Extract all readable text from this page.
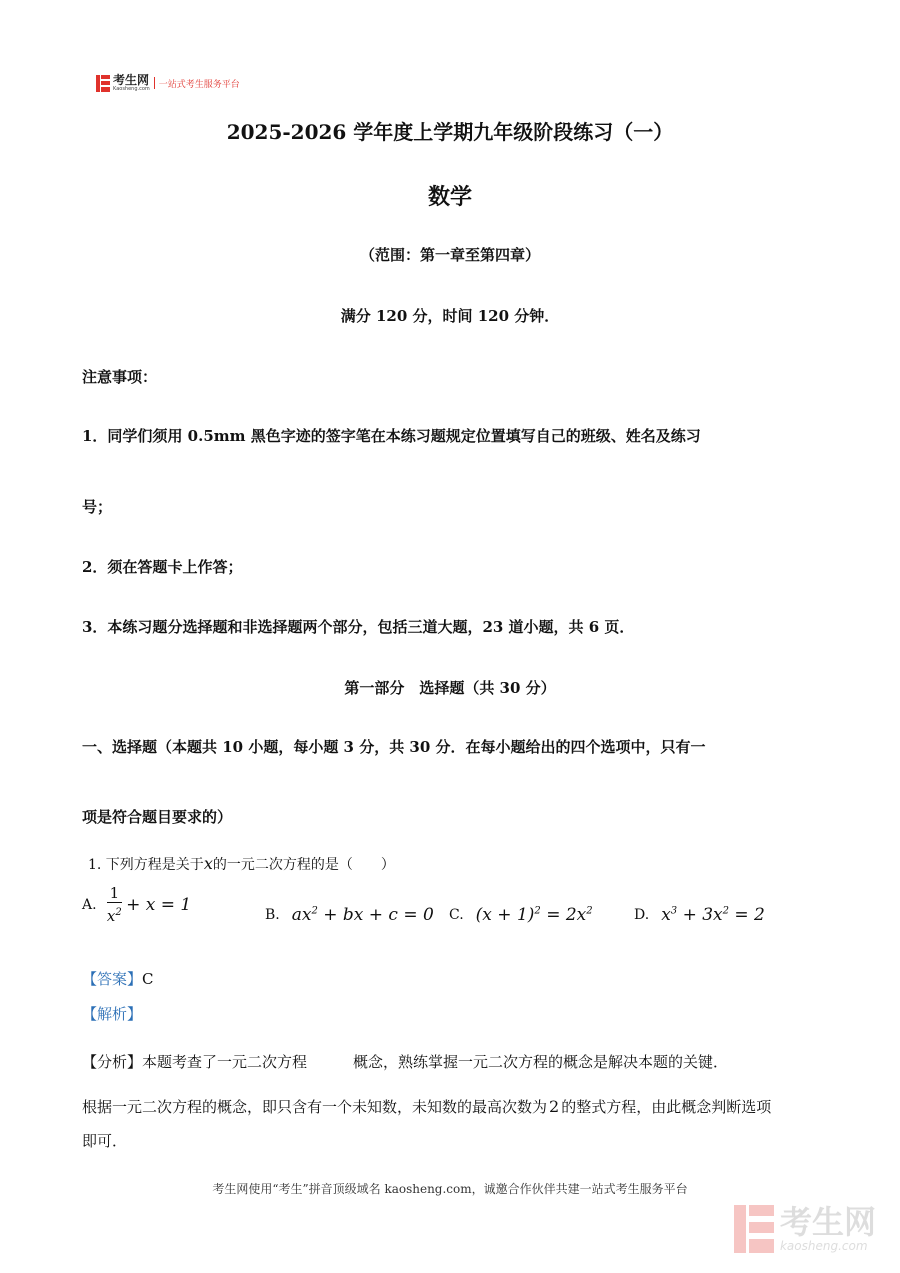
考生网
Kaosheng.com 一站式考生服务平台
2025-2026 学年度上学期九年级阶段练习（一）
数学
（范围：第一章至第四章）
满分 120 分，时间 120 分钟．
注意事项：
1．同学们须用 0.5mm 黑色字迹的签字笔在本练习题规定位置填写自己的班级、姓名及练习
号；
2．须在答题卡上作答；
3．本练习题分选择题和非选择题两个部分，包括三道大题，23 道小题，共 6 页．
第一部分　选择题（共 30 分）
一、选择题（本题共 10 小题，每小题 3 分，共 30 分．在每小题给出的四个选项中，只有一
项是符合题目要求的）
1. 下列方程是关于x的一元二次方程的是（　　）
A. $\frac{1}{x^2} + x = 1$	B. $ax^2$ + bx + c = 0 C. $(x + 1)^2 = 2x^2$	D. $x^3 + 3x^2 = 2$
【答案】C
【解析】
【分析】本题考查了一元二次方程	概念，熟练掌握一元二次方程的概念是解决本题的关键．
根据一元二次方程的概念，即只含有一个未知数，未知数的最高次数为 2 的整式方程，由此概念判断选项
即可．
考生网使用“考生”拼音顶级域名 kaosheng.com，诚邀合作伙伴共建一站式考生服务平台
考生网
kaosheng.com
